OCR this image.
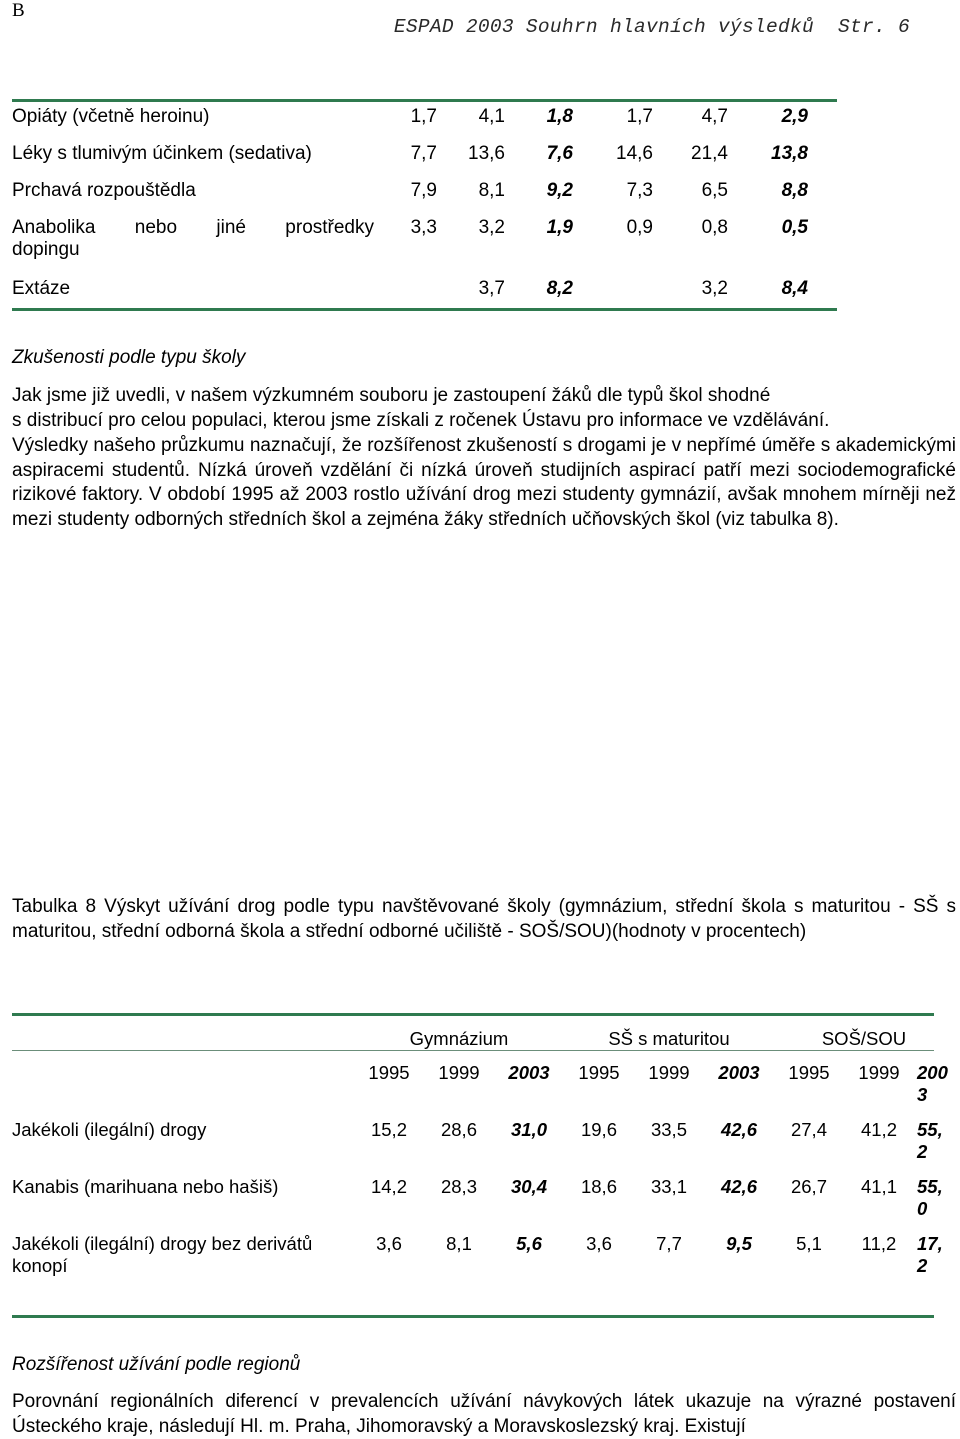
B
ESPAD 2003 Souhrn hlavních výsledků  Str. 6
Opiáty (včetně heroinu)	1,7	4,1	1,8	1,7	4,7	2,9
Léky s tlumivým účinkem (sedativa)	7,7	13,6	7,6	14,6	21,4	13,8
Prchavá rozpouštědla	7,9	8,1	9,2	7,3	6,5	8,8

Anabolika nebo jiné prostředky
dopingu	3,3	3,2	1,9	0,9	0,8	0,5
Extáze		3,7	8,2		3,2	8,4
Zkušenosti podle typu školy
Jak jsme již uvedli, v našem výzkumném souboru je zastoupení žáků dle typů škol shodné
s distribucí pro celou populaci, kterou jsme získali z ročenek Ústavu pro informace ve vzdělávání.
Výsledky našeho průzkumu naznačují, že rozšířenost zkušeností s drogami je v nepřímé úměře s akademickými aspiracemi studentů. Nízká úroveň vzdělání či nízká úroveň studijních aspirací patří mezi sociodemografické rizikové faktory. V období 1995 až 2003 rostlo užívání drog mezi studenty gymnázií, avšak mnohem mírněji než mezi studenty odborných středních škol a zejména žáky středních učňovských škol (viz tabulka 8).
Tabulka 8 Výskyt užívání drog podle typu navštěvované školy (gymnázium, střední škola s maturitou - SŠ s maturitou, střední odborná škola a střední odborné učiliště - SOŠ/SOU)(hodnoty v procentech)
	Gymnázium			SŠ s maturitou			SOŠ/SOU		
	1995	1999	2003	1995	1999	2003	1995	1999	2003
Jakékoli (ilegální) drogy	15,2	28,6	31,0	19,6	33,5	42,6	27,4	41,2	55,2
Kanabis (marihuana nebo hašiš)	14,2	28,3	30,4	18,6	33,1	42,6	26,7	41,1	55,0
Jakékoli (ilegální) drogy bez derivátů konopí	3,6	8,1	5,6	3,6	7,7	9,5	5,1	11,2	17,2
Rozšířenost užívání podle regionů
Porovnání regionálních diferencí v prevalencích užívání návykových látek ukazuje na výrazné postavení Ústeckého kraje, následují Hl. m. Praha, Jihomoravský a Moravskoslezský kraj. Existují
